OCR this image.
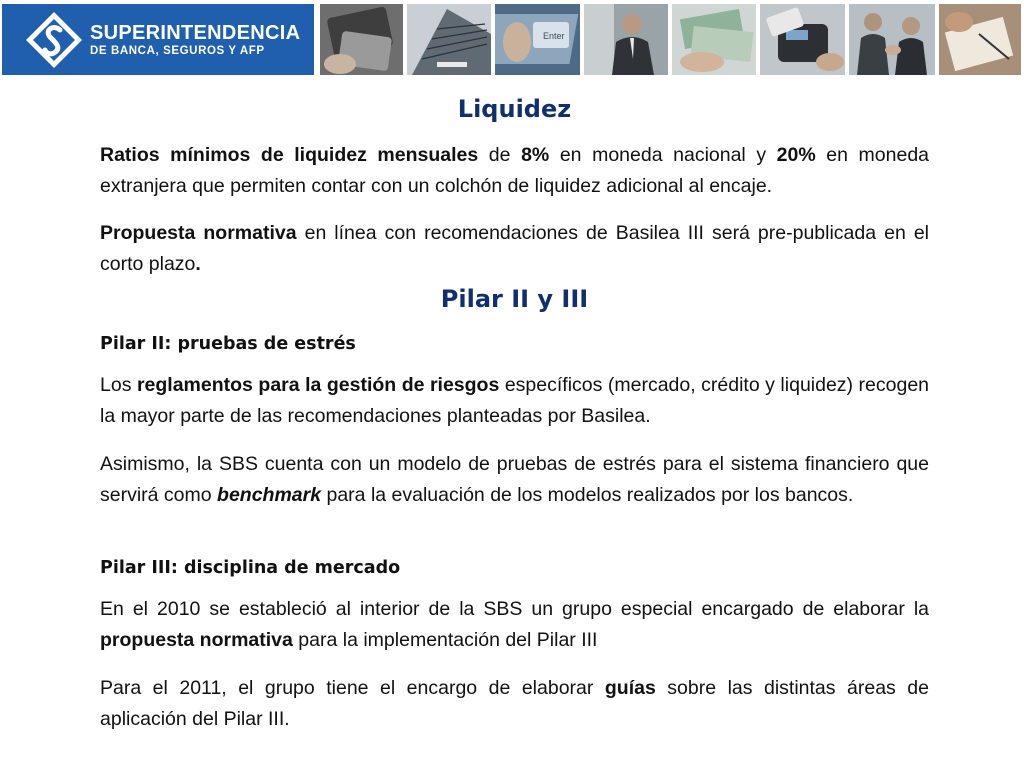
SUPERINTENDENCIA
DE BANCA, SEGUROS Y AFP
Enter
Liquidez
Ratios mínimos de liquidez mensuales de 8% en moneda nacional y 20% en moneda extranjera que permiten contar con un colchón de liquidez adicional al encaje.
Propuesta normativa en línea con recomendaciones de Basilea III será pre-publicada en el corto plazo.
Pilar II y III
Pilar II: pruebas de estrés
Los reglamentos para la gestión de riesgos específicos (mercado, crédito y liquidez) recogen la mayor parte de las recomendaciones planteadas por Basilea.
Asimismo, la SBS cuenta con un modelo de pruebas de estrés para el sistema financiero que servirá como benchmark para la evaluación de los modelos realizados por los bancos.
Pilar III: disciplina de mercado
En el 2010 se estableció al interior de la SBS un grupo especial encargado de elaborar la propuesta normativa para la implementación del Pilar III
Para el 2011, el grupo tiene el encargo de elaborar guías sobre las distintas áreas de aplicación del Pilar III.
